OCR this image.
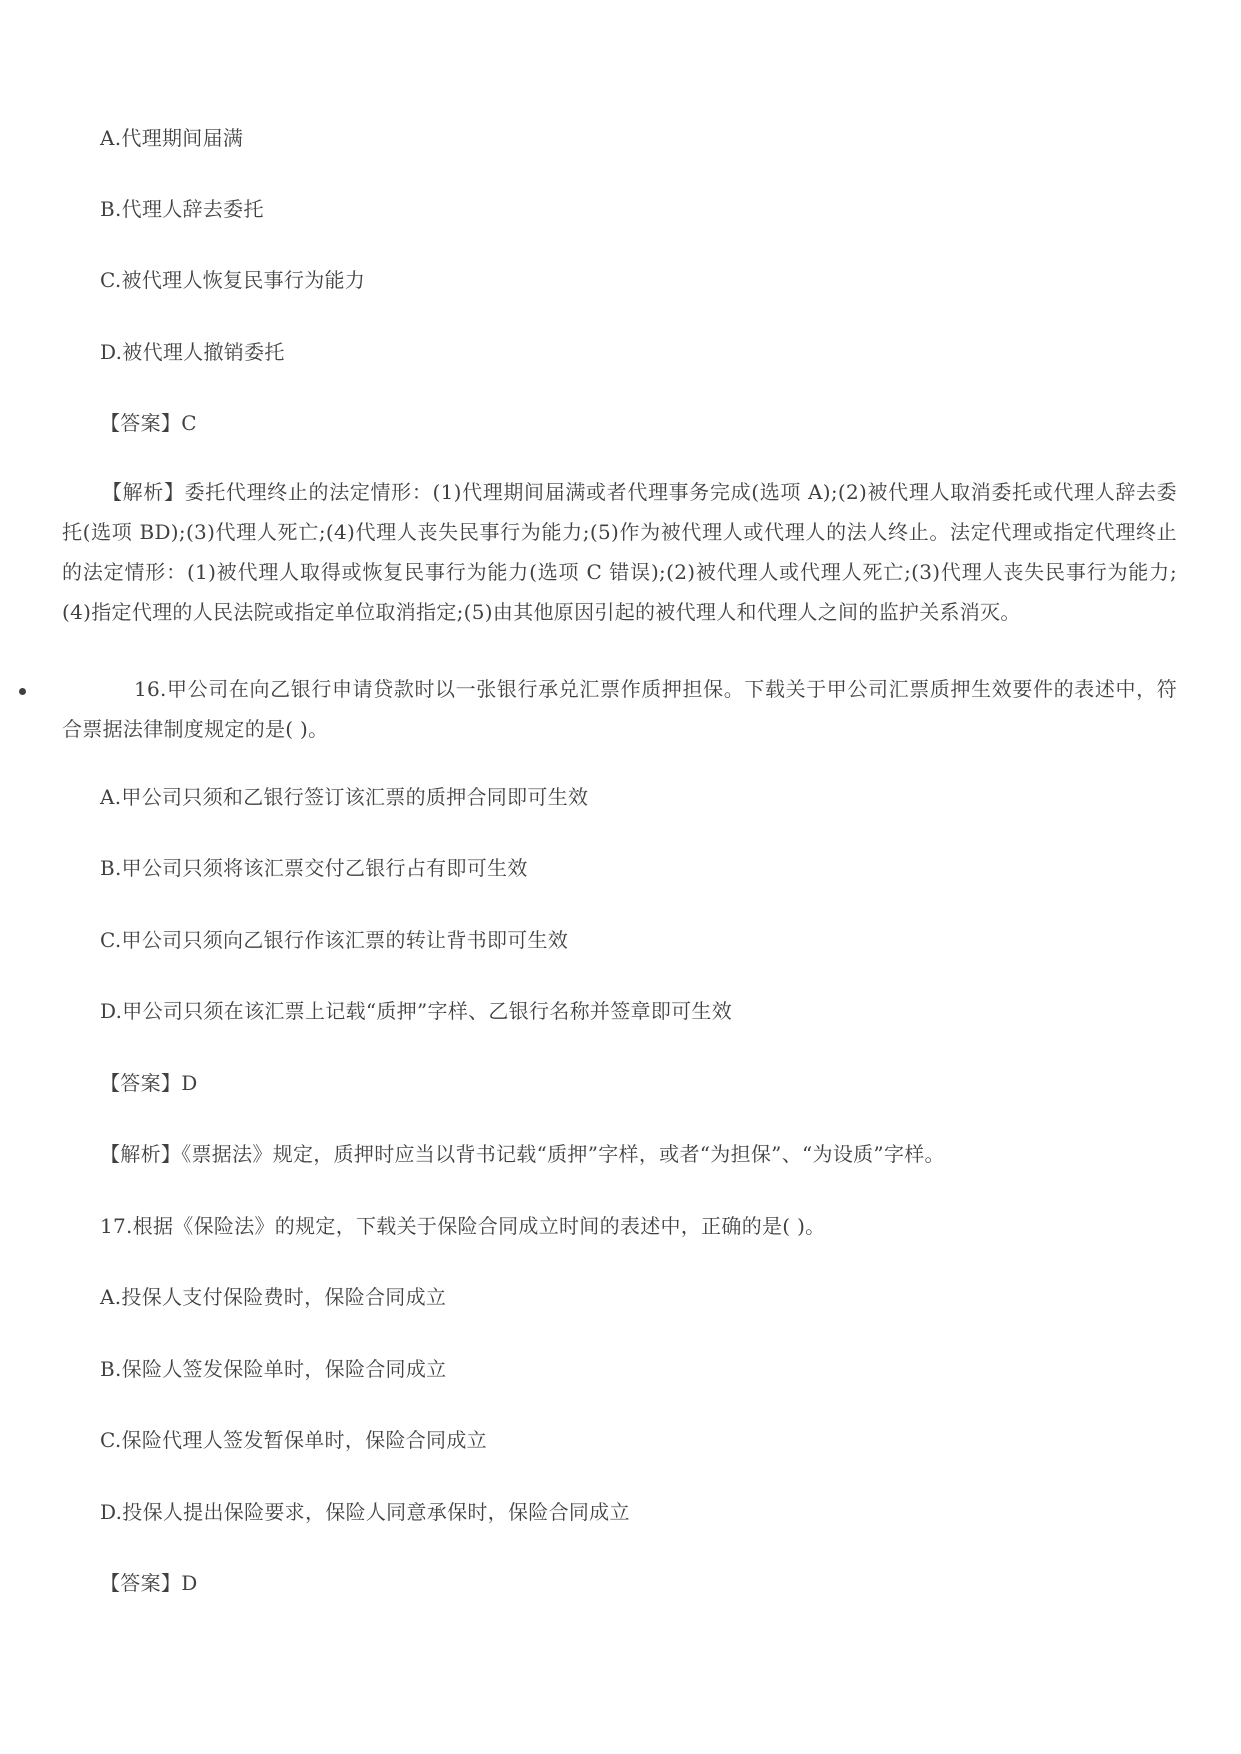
A.代理期间届满
B.代理人辞去委托
C.被代理人恢复民事行为能力
D.被代理人撤销委托
【答案】C
【解析】委托代理终止的法定情形：(1)代理期间届满或者代理事务完成(选项 A);(2)被代理人取消委托或代理人辞去委托(选项 BD);(3)代理人死亡;(4)代理人丧失民事行为能力;(5)作为被代理人或代理人的法人终止。法定代理或指定代理终止的法定情形：(1)被代理人取得或恢复民事行为能力(选项 C 错误);(2)被代理人或代理人死亡;(3)代理人丧失民事行为能力;(4)指定代理的人民法院或指定单位取消指定;(5)由其他原因引起的被代理人和代理人之间的监护关系消灭。
16.甲公司在向乙银行申请贷款时以一张银行承兑汇票作质押担保。下载关于甲公司汇票质押生效要件的表述中，符合票据法律制度规定的是( )。
A.甲公司只须和乙银行签订该汇票的质押合同即可生效
B.甲公司只须将该汇票交付乙银行占有即可生效
C.甲公司只须向乙银行作该汇票的转让背书即可生效
D.甲公司只须在该汇票上记载“质押”字样、乙银行名称并签章即可生效
【答案】D
【解析】《票据法》规定，质押时应当以背书记载“质押”字样，或者“为担保”、“为设质”字样。
17.根据《保险法》的规定，下载关于保险合同成立时间的表述中，正确的是( )。
A.投保人支付保险费时，保险合同成立
B.保险人签发保险单时，保险合同成立
C.保险代理人签发暂保单时，保险合同成立
D.投保人提出保险要求，保险人同意承保时，保险合同成立
【答案】D
